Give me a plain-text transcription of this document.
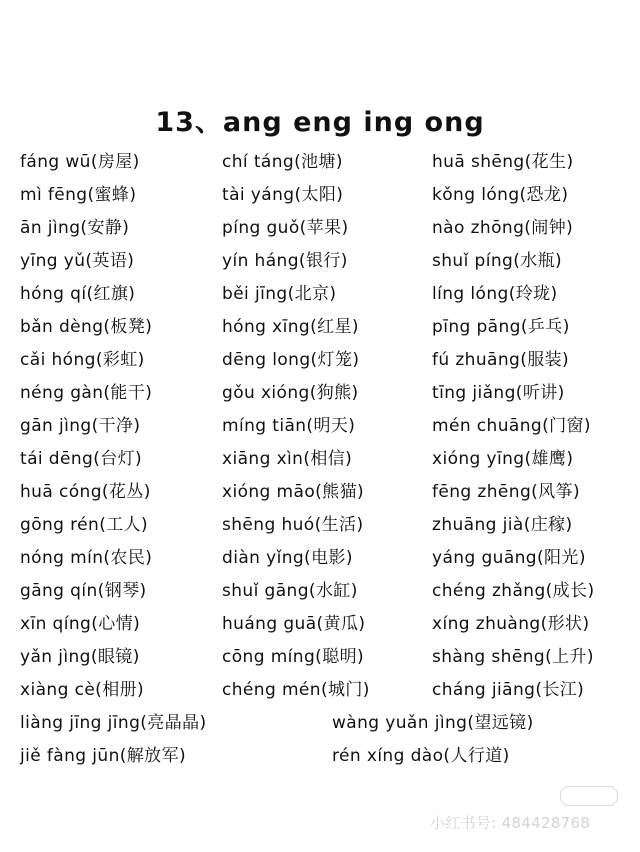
13、ang eng ing ong
fáng wū(房屋)	chí táng(池塘)	huā shēng(花生)
mì fēng(蜜蜂)	tài yáng(太阳)	kǒng lóng(恐龙)
ān jìng(安静)	píng guǒ(苹果)	nào zhōng(闹钟)
yīng yǔ(英语)	yín háng(银行)	shuǐ píng(水瓶)
hóng qí(红旗)	běi jīng(北京)	líng lóng(玲珑)
bǎn dèng(板凳)	hóng xīng(红星)	pīng pāng(乒乓)
cǎi hóng(彩虹)	dēng long(灯笼)	fú zhuāng(服装)
néng gàn(能干)	gǒu xióng(狗熊)	tīng jiǎng(听讲)
gān jìng(干净)	míng tiān(明天)	mén chuāng(门窗)
tái dēng(台灯)	xiāng xìn(相信)	xióng yīng(雄鹰)
huā cóng(花丛)	xióng māo(熊猫)	fēng zhēng(风筝)
gōng rén(工人)	shēng huó(生活)	zhuāng jià(庄稼)
nóng mín(农民)	diàn yǐng(电影)	yáng guāng(阳光)
gāng qín(钢琴)	shuǐ gāng(水缸)	chéng zhǎng(成长)
xīn qíng(心情)	huáng guā(黄瓜)	xíng zhuàng(形状)
yǎn jìng(眼镜)	cōng míng(聪明)	shàng shēng(上升)
xiàng cè(相册)	chéng mén(城门)	cháng jiāng(长江)
liàng jīng jīng(亮晶晶)	wàng yuǎn jìng(望远镜)
jiě fàng jūn(解放军)	rén xíng dào(人行道)
小红书号: 484428768
